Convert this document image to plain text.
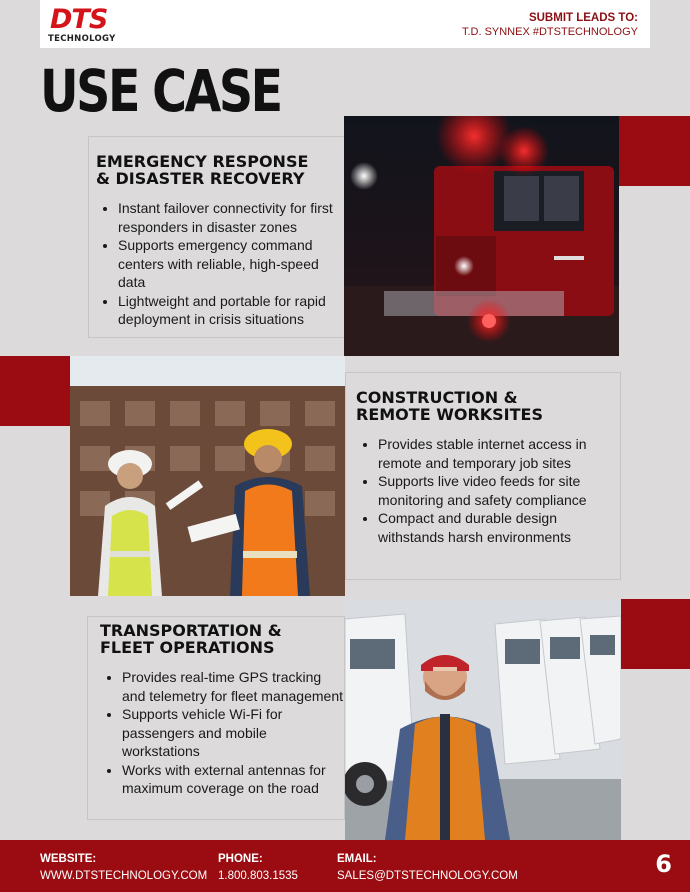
DTS
TECHNOLOGY
SUBMIT LEADS TO:
T.D. SYNNEX #DTSTECHNOLOGY
USE CASE
EMERGENCY RESPONSE
& DISASTER RECOVERY
• Instant failover connectivity for first responders in disaster zones
• Supports emergency command centers with reliable, high-speed data
• Lightweight and portable for rapid deployment in crisis situations
CONSTRUCTION &
REMOTE WORKSITES
• Provides stable internet access in remote and temporary job sites
• Supports live video feeds for site monitoring and safety compliance
• Compact and durable design withstands harsh environments
TRANSPORTATION &
FLEET OPERATIONS
• Provides real-time GPS tracking and telemetry for fleet management
• Supports vehicle Wi-Fi for passengers and mobile workstations
• Works with external antennas for maximum coverage on the road
WEBSITE:
WWW.DTSTECHNOLOGY.COM
PHONE:
1.800.803.1535
EMAIL:
SALES@DTSTECHNOLOGY.COM	6
